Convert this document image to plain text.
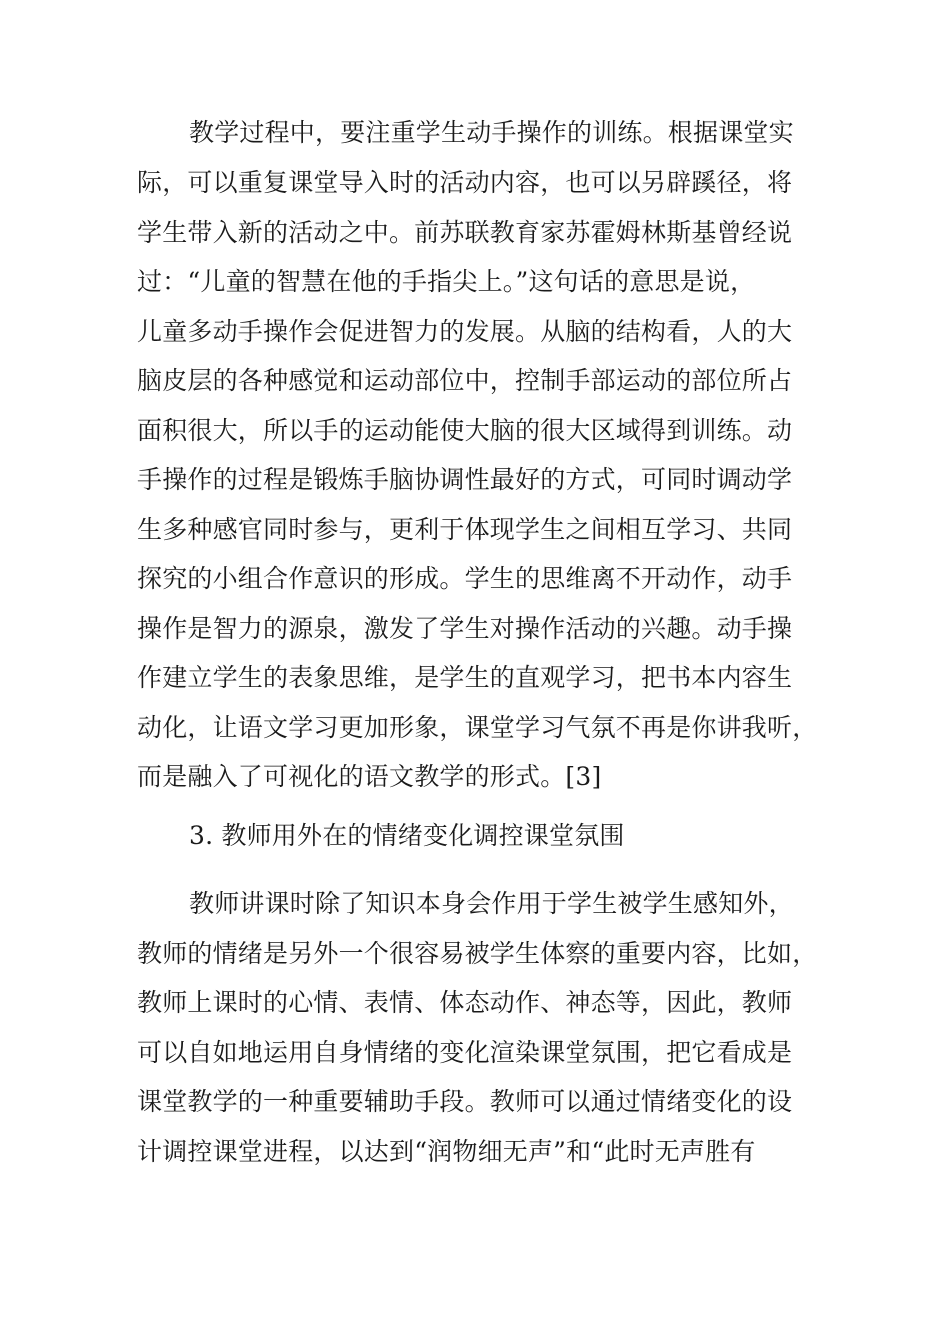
教学过程中，要注重学生动手操作的训练。根据课堂实
际，可以重复课堂导入时的活动内容，也可以另辟蹊径，将
学生带入新的活动之中。前苏联教育家苏霍姆林斯基曾经说
过：“儿童的智慧在他的手指尖上。”这句话的意思是说，
儿童多动手操作会促进智力的发展。从脑的结构看，人的大
脑皮层的各种感觉和运动部位中，控制手部运动的部位所占
面积很大，所以手的运动能使大脑的很大区域得到训练。动
手操作的过程是锻炼手脑协调性最好的方式，可同时调动学
生多种感官同时参与，更利于体现学生之间相互学习、共同
探究的小组合作意识的形成。学生的思维离不开动作，动手
操作是智力的源泉，激发了学生对操作活动的兴趣。动手操
作建立学生的表象思维，是学生的直观学习，把书本内容生
动化，让语文学习更加形象，课堂学习气氛不再是你讲我听，
而是融入了可视化的语文教学的形式。[3]
3. 教师用外在的情绪变化调控课堂氛围
教师讲课时除了知识本身会作用于学生被学生感知外，
教师的情绪是另外一个很容易被学生体察的重要内容，比如，
教师上课时的心情、表情、体态动作、神态等，因此，教师
可以自如地运用自身情绪的变化渲染课堂氛围，把它看成是
课堂教学的一种重要辅助手段。教师可以通过情绪变化的设
计调控课堂进程，以达到“润物细无声”和“此时无声胜有
